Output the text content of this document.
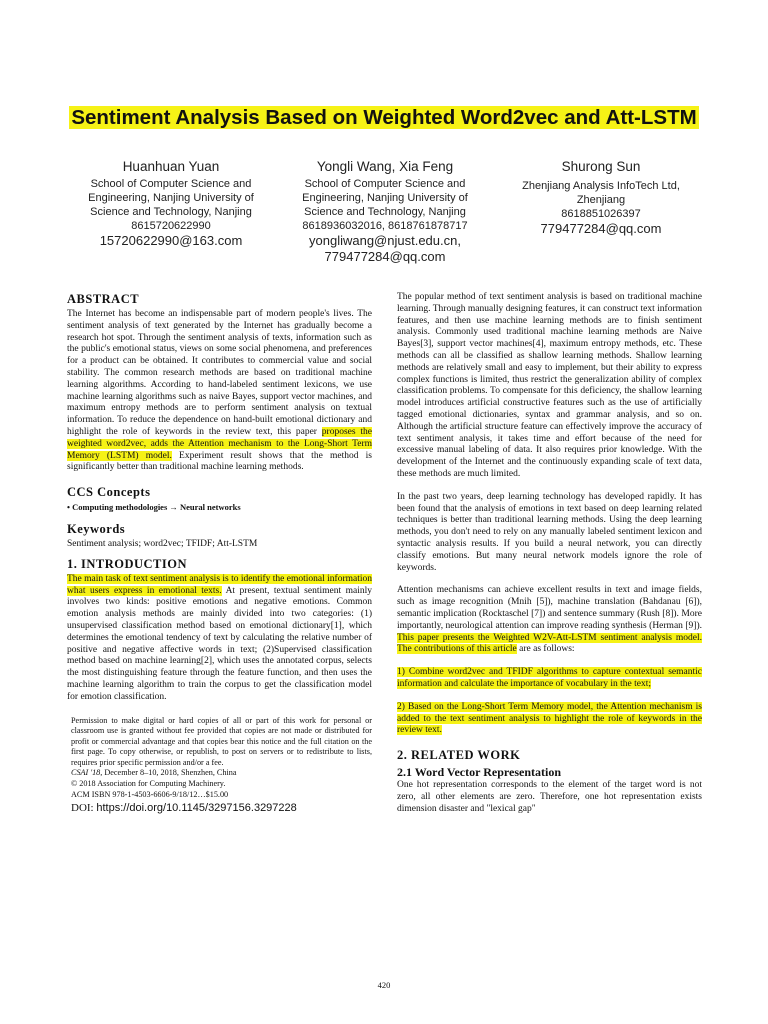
Sentiment Analysis Based on Weighted Word2vec and Att-LSTM
Huanhuan Yuan
School of Computer Science and
Engineering, Nanjing University of
Science and Technology, Nanjing
8615720622990
15720622990@163.com
Yongli Wang, Xia Feng
School of Computer Science and
Engineering, Nanjing University of
Science and Technology, Nanjing
8618936032016, 8618761878717
yongliwang@njust.edu.cn,
779477284@qq.com
Shurong Sun
Zhenjiang Analysis InfoTech Ltd,
Zhenjiang
8618851026397
779477284@qq.com
ABSTRACT

The Internet has become an indispensable part of modern people's lives. The sentiment analysis of text generated by the Internet has gradually become a research hot spot. Through the sentiment analysis of texts, information such as the public's emotional status, views on some social phenomena, and preferences for a product can be obtained. It contributes to commercial value and social stability. The common research methods are based on traditional machine learning algorithms. According to hand-labeled sentiment lexicons, we use machine learning algorithms such as naive Bayes, support vector machines, and maximum entropy methods are to perform sentiment analysis on textual information. To reduce the dependence on hand-built emotional dictionary and highlight the role of keywords in the review text, this paper proposes the weighted word2vec, adds the Attention mechanism to the Long-Short Term Memory (LSTM) model. Experiment result shows that the method is significantly better than traditional machine learning methods.

CCS Concepts
• Computing methodologies → Neural networks
Keywords
Sentiment analysis; word2vec; TFIDF; Att-LSTM
1. INTRODUCTION

The main task of text sentiment analysis is to identify the emotional information what users express in emotional texts. At present, textual sentiment mainly involves two kinds: positive emotions and negative emotions. Common emotion analysis methods are mainly divided into two categories: (1) unsupervised classification method based on emotional dictionary[1], which determines the emotional tendency of text by calculating the relative number of positive and negative affective words in text; (2)Supervised classification method based on machine learning[2], which uses the annotated corpus, selects the most distinguishing feature through the feature function, and then uses the machine learning algorithm to train the corpus to get the classification model for emotion classification.

Permission to make digital or hard copies of all or part of this work for personal or classroom use is granted without fee provided that copies are not made or distributed for profit or commercial advantage and that copies bear this notice and the full citation on the first page. To copy otherwise, or republish, to post on servers or to redistribute to lists, requires prior specific permission and/or a fee.
CSAI '18, December 8–10, 2018, Shenzhen, China
© 2018 Association for Computing Machinery.
ACM ISBN 978-1-4503-6606-9/18/12…$15.00
DOI: https://doi.org/10.1145/3297156.3297228

The popular method of text sentiment analysis is based on traditional machine learning. Through manually designing features, it can construct text information features, and then use machine learning methods are to finish sentiment analysis. Commonly used traditional machine learning methods are Naive Bayes[3], support vector machines[4], maximum entropy methods, etc. These methods can all be classified as shallow learning methods. Shallow learning methods are relatively small and easy to implement, but their ability to express complex functions is limited, thus restrict the generalization ability of complex classification problems. To compensate for this deficiency, the shallow learning model introduces artificial constructive features such as the use of artificially tagged emotional dictionaries, syntax and grammar analysis, and so on. Although the artificial structure feature can effectively improve the accuracy of text sentiment analysis, it takes time and effort because of the need for excessive manual labeling of data. It also requires prior knowledge. With the development of the Internet and the continuously expanding scale of text data, these methods are much limited.

In the past two years, deep learning technology has developed rapidly. It has been found that the analysis of emotions in text based on deep learning related techniques is better than traditional learning methods. Using the deep learning methods, you don't need to rely on any manually labeled sentiment lexicon and syntactic analysis results. If you build a neural network, you can directly classify emotions. But many neural network models ignore the role of keywords.

Attention mechanisms can achieve excellent results in text and image fields, such as image recognition (Mnih [5]), machine translation (Bahdanau [6]), semantic implication (Rocktaschel [7]) and sentence summary (Rush [8]). More importantly, neurological attention can improve reading synthesis (Herman [9]). This paper presents the Weighted W2V-Att-LSTM sentiment analysis model. The contributions of this article are as follows:

1) Combine word2vec and TFIDF algorithms to capture contextual semantic information and calculate the importance of vocabulary in the text;

2) Based on the Long-Short Term Memory model, the Attention mechanism is added to the text sentiment analysis to highlight the role of keywords in the review text.

2. RELATED WORK
2.1 Word Vector Representation

One hot representation corresponds to the element of the target word is not zero, all other elements are zero. Therefore, one hot representation exists dimension disaster and "lexical gap"

420
